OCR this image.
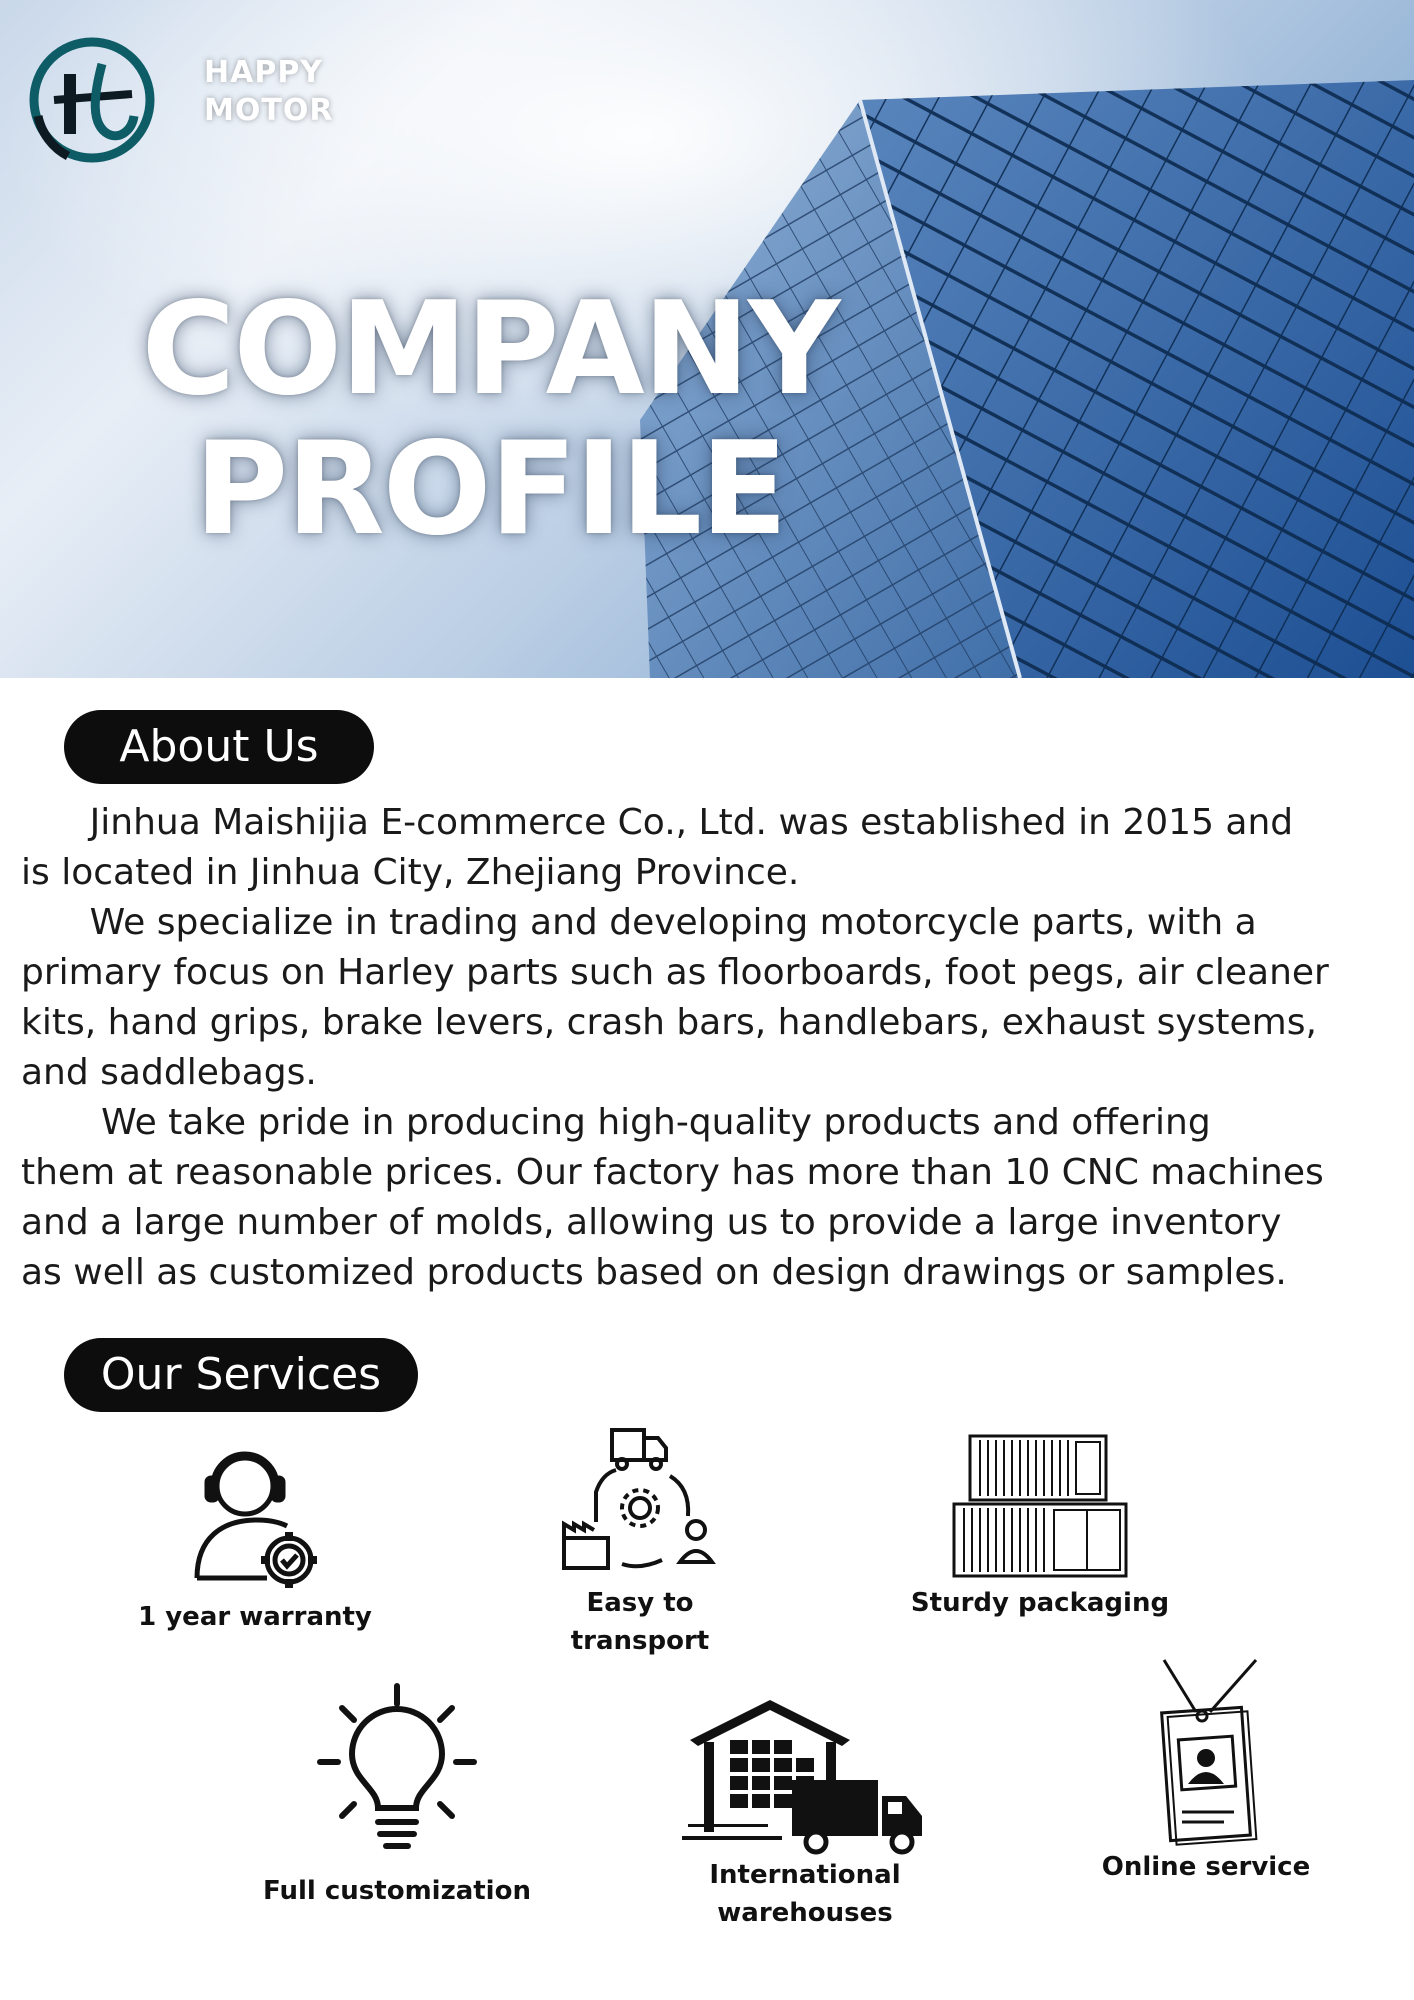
HAPPY
MOTOR
COMPANY
PROFILE
About Us

Jinhua Maishijia E-commerce Co., Ltd. was established in 2015 and

is located in Jinhua City, Zhejiang Province.

We specialize in trading and developing motorcycle parts, with a

primary focus on Harley parts such as floorboards, foot pegs, air cleaner

kits, hand grips, brake levers, crash bars, handlebars, exhaust systems,

and saddlebags.

We take pride in producing high-quality products and offering

them at reasonable prices. Our factory has more than 10 CNC machines

and a large number of molds, allowing us to provide a large inventory

as well as customized products based on design drawings or samples.

Our Services
1 year warranty	Easy to
transport
Sturdy packaging
Full customization
International
warehouses
Online service
